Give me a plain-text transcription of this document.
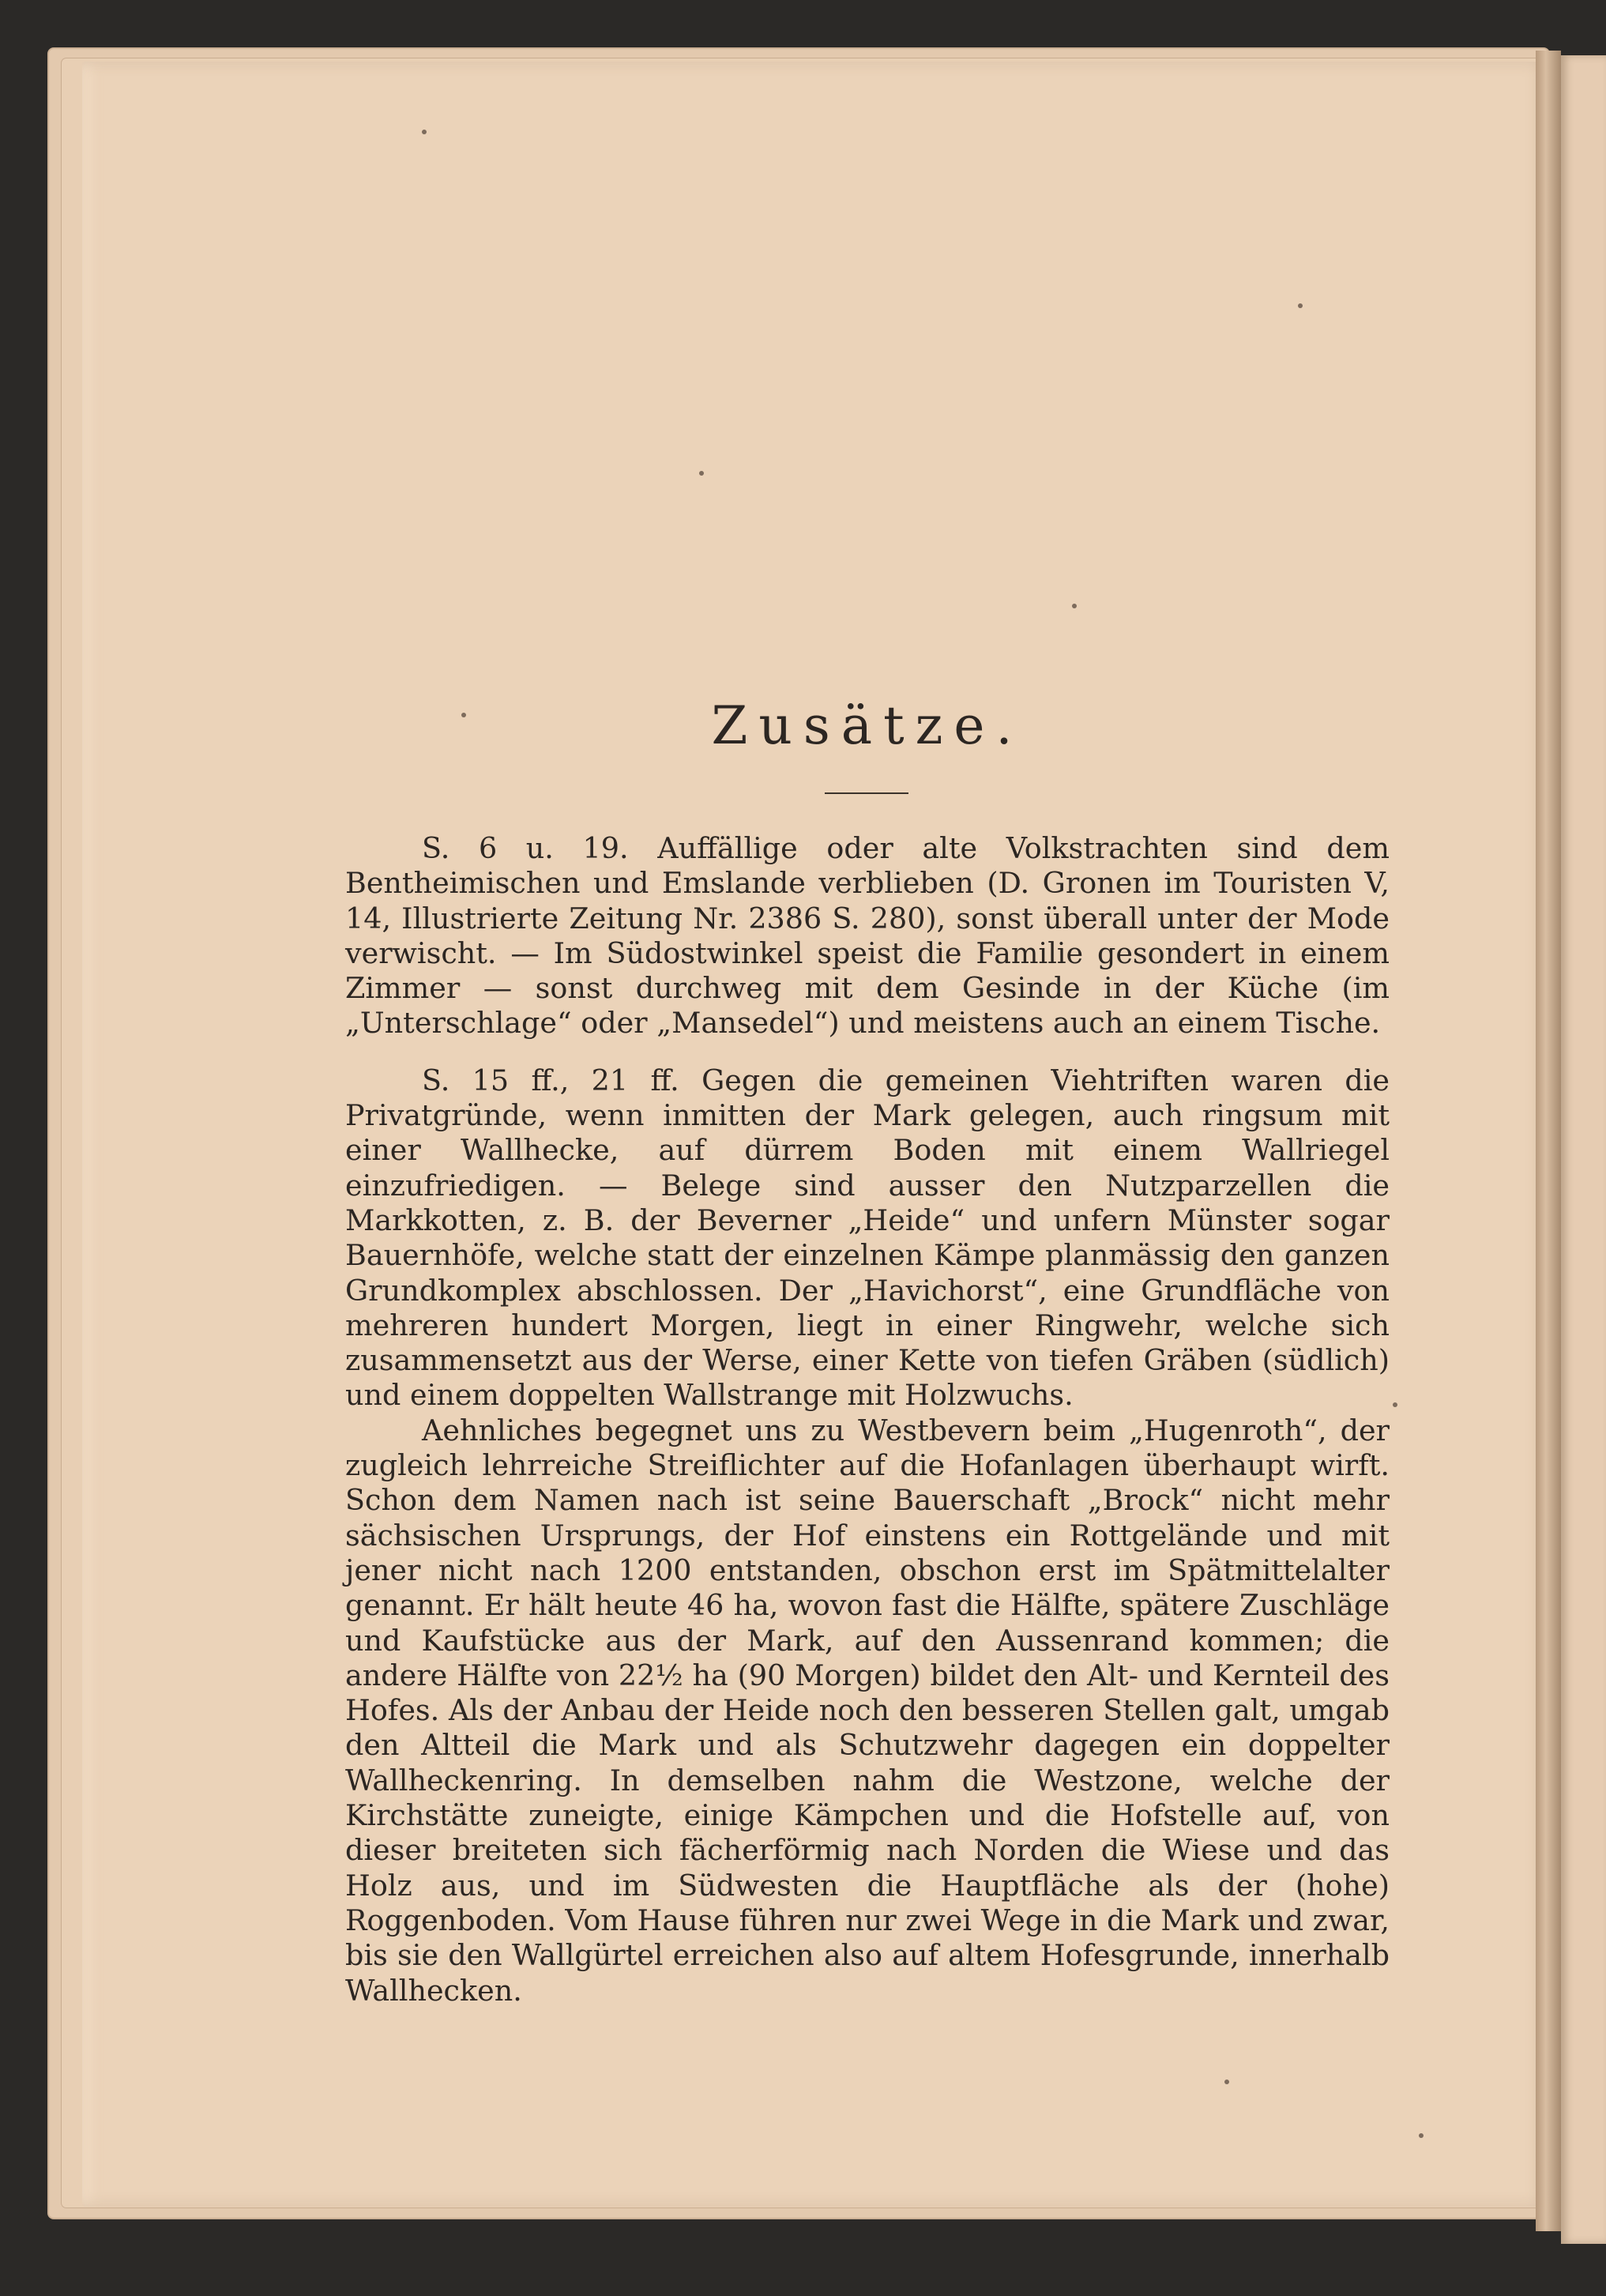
Zusätze.

S. 6 u. 19. Auffällige oder alte Volkstrachten sind dem Bentheimischen und Emslande verblieben (D. Gronen im Touristen V, 14, Illustrierte Zeitung Nr. 2386 S. 280), sonst überall unter der Mode verwischt. — Im Südostwinkel speist die Familie gesondert in einem Zimmer — sonst durchweg mit dem Gesinde in der Küche (im „Unterschlage“ oder „Mansedel“) und meistens auch an einem Tische.

S. 15 ff., 21 ff. Gegen die gemeinen Viehtriften waren die Privatgründe, wenn inmitten der Mark gelegen, auch ringsum mit einer Wallhecke, auf dürrem Boden mit einem Wallriegel einzufriedigen. — Belege sind ausser den Nutzparzellen die Markkotten, z. B. der Beverner „Heide“ und unfern Münster sogar Bauernhöfe, welche statt der einzelnen Kämpe planmässig den ganzen Grundkomplex abschlossen. Der „Havichorst“, eine Grundfläche von mehreren hundert Morgen, liegt in einer Ringwehr, welche sich zusammensetzt aus der Werse, einer Kette von tiefen Gräben (südlich) und einem doppelten Wallstrange mit Holzwuchs.

Aehnliches begegnet uns zu Westbevern beim „Hugenroth“, der zugleich lehrreiche Streiflichter auf die Hofanlagen überhaupt wirft. Schon dem Namen nach ist seine Bauerschaft „Brock“ nicht mehr sächsischen Ursprungs, der Hof einstens ein Rottgelände und mit jener nicht nach 1200 entstanden, obschon erst im Spätmittelalter genannt. Er hält heute 46 ha, wovon fast die Hälfte, spätere Zuschläge und Kaufstücke aus der Mark, auf den Aussenrand kommen; die andere Hälfte von 22½ ha (90 Morgen) bildet den Alt- und Kernteil des Hofes. Als der Anbau der Heide noch den besseren Stellen galt, umgab den Altteil die Mark und als Schutzwehr dagegen ein doppelter Wallheckenring. In demselben nahm die Westzone, welche der Kirchstätte zuneigte, einige Kämpchen und die Hofstelle auf, von dieser breiteten sich fächerförmig nach Norden die Wiese und das Holz aus, und im Südwesten die Hauptfläche als der (hohe) Roggenboden. Vom Hause führen nur zwei Wege in die Mark und zwar, bis sie den Wallgürtel erreichen also auf altem Hofesgrunde, innerhalb Wallhecken.
